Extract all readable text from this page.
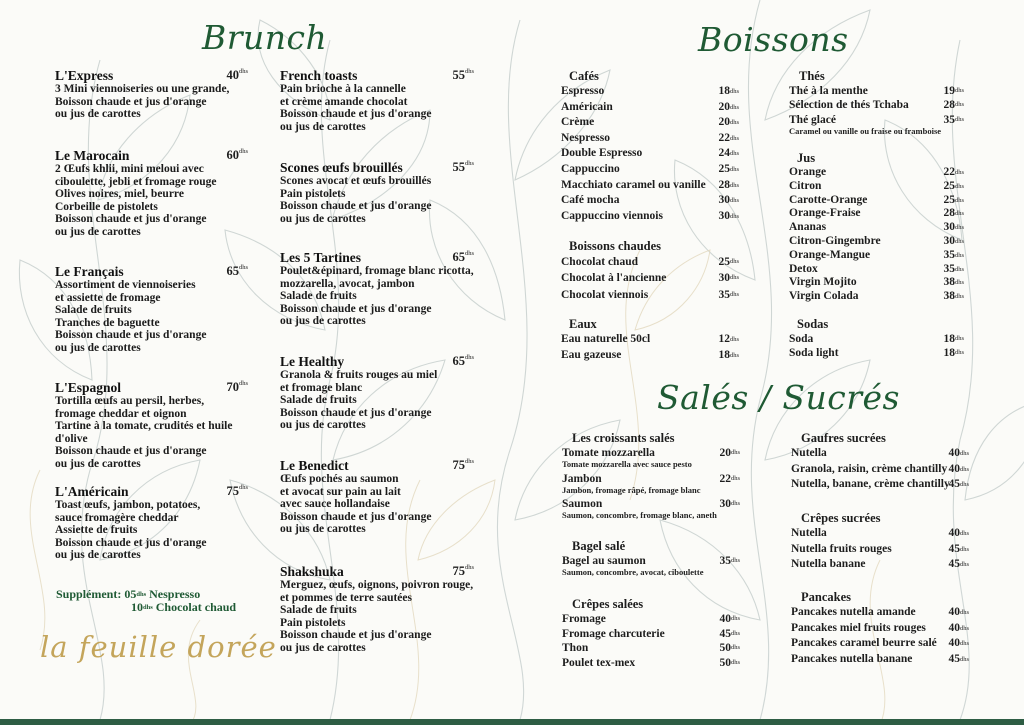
Brunch	Boissons
Salés / Sucrés
Supplément: $05^{dhs}$ Nespresso
$10^{dhs}$ Chocolat chaud
la feuille dorée
L'Express	$40^{dhs}$
3 Mini viennoiseries ou une grande,
Boisson chaude et jus d'orange
ou jus de carottes
Le Marocain	$60^{dhs}$
2 Œufs khlii, mini meloui avec
ciboulette, jebli et fromage rouge
Olives noires, miel, beurre
Corbeille de pistolets
Boisson chaude et jus d'orange
ou jus de carottes
Le Français	$65^{dhs}$
Assortiment de viennoiseries
et assiette de fromage
Salade de fruits
Tranches de baguette
Boisson chaude et jus d'orange
ou jus de carottes
L'Espagnol	$70^{dhs}$
Tortilla œufs au persil, herbes,
fromage cheddar et oignon
Tartine à la tomate, crudités et huile d'olive
Boisson chaude et jus d'orange
ou jus de carottes
L'Américain	$75^{dhs}$
Toast œufs, jambon, potatoes,
sauce fromagère cheddar
Assiette de fruits
Boisson chaude et jus d'orange
ou jus de carottes
French toasts	$55^{dhs}$
Pain brioche à la cannelle
et crème amande chocolat
Boisson chaude et jus d'orange
ou jus de carottes
Scones œufs brouillés	$55^{dhs}$
Scones avocat et œufs brouillés
Pain pistolets
Boisson chaude et jus d'orange
ou jus de carottes
Les 5 Tartines	$65^{dhs}$
Poulet&épinard, fromage blanc ricotta,
mozzarella, avocat, jambon
Salade de fruits
Boisson chaude et jus d'orange
ou jus de carottes
Le Healthy	$65^{dhs}$
Granola & fruits rouges au miel
et fromage blanc
Salade de fruits
Boisson chaude et jus d'orange
ou jus de carottes
Le Benedict	$75^{dhs}$
Œufs pochés au saumon
et avocat sur pain au lait
avec sauce hollandaise
Boisson chaude et jus d'orange
ou jus de carottes
Shakshuka	$75^{dhs}$
Merguez, œufs, oignons, poivron rouge,
et pommes de terre sautées
Salade de fruits
Pain pistolets
Boisson chaude et jus d'orange
ou jus de carottes
Cafés
Espresso	$18^{dhs}$
Américain	$20^{dhs}$
Crème	$20^{dhs}$
Nespresso	$22^{dhs}$
Double Espresso	$24^{dhs}$
Cappuccino	$25^{dhs}$
Macchiato caramel ou vanille $28^{dhs}$
Café mocha	$30^{dhs}$
Cappuccino viennois	$30^{dhs}$
Boissons chaudes
Chocolat chaud	$25^{dhs}$
Chocolat à l'ancienne	$30^{dhs}$
Chocolat viennois	$35^{dhs}$
Eaux
Eau naturelle 50cl	$12^{dhs}$
Eau gazeuse	$18^{dhs}$
Thés
Thé à la menthe	$19^{dhs}$
Sélection de thés Tchaba	$28^{dhs}$
Thé glacé	$35^{dhs}$
Caramel ou vanille ou fraise ou framboise
Jus
Orange	$22^{dhs}$
Citron	$25^{dhs}$
Carotte-Orange	$25^{dhs}$
Orange-Fraise	$28^{dhs}$
Ananas	$30^{dhs}$
Citron-Gingembre	$30^{dhs}$
Orange-Mangue	$35^{dhs}$
Detox	$35^{dhs}$
Virgin Mojito	$38^{dhs}$
Virgin Colada	$38^{dhs}$
Sodas
Soda	$18^{dhs}$
Soda light	$18^{dhs}$
Les croissants salés
Tomate mozzarella	$20^{dhs}$
Tomate mozzarella avec sauce pesto
Jambon	$22^{dhs}$
Jambon, fromage râpé, fromage blanc
Saumon	$30^{dhs}$
Saumon, concombre, fromage blanc, aneth
Bagel salé
Bagel au saumon	$35^{dhs}$
Saumon, concombre, avocat, ciboulette
Crêpes salées
Fromage	$40^{dhs}$
Fromage charcuterie	$45^{dhs}$
Thon	$50^{dhs}$
Poulet tex-mex	$50^{dhs}$
Gaufres sucrées
Nutella	$40^{dhs}$
Granola, raisin, crème chantilly $40^{dhs}$
Nutella, banane, crème chantilly
$45^{dhs}$
Crêpes sucrées
Nutella	$40^{dhs}$
Nutella fruits rouges	$45^{dhs}$
Nutella banane	$45^{dhs}$
Pancakes
Pancakes nutella amande	$40^{dhs}$
Pancakes miel fruits rouges $40^{dhs}$
Pancakes caramel beurre salé $40^{dhs}$
Pancakes nutella banane	$45^{dhs}$
